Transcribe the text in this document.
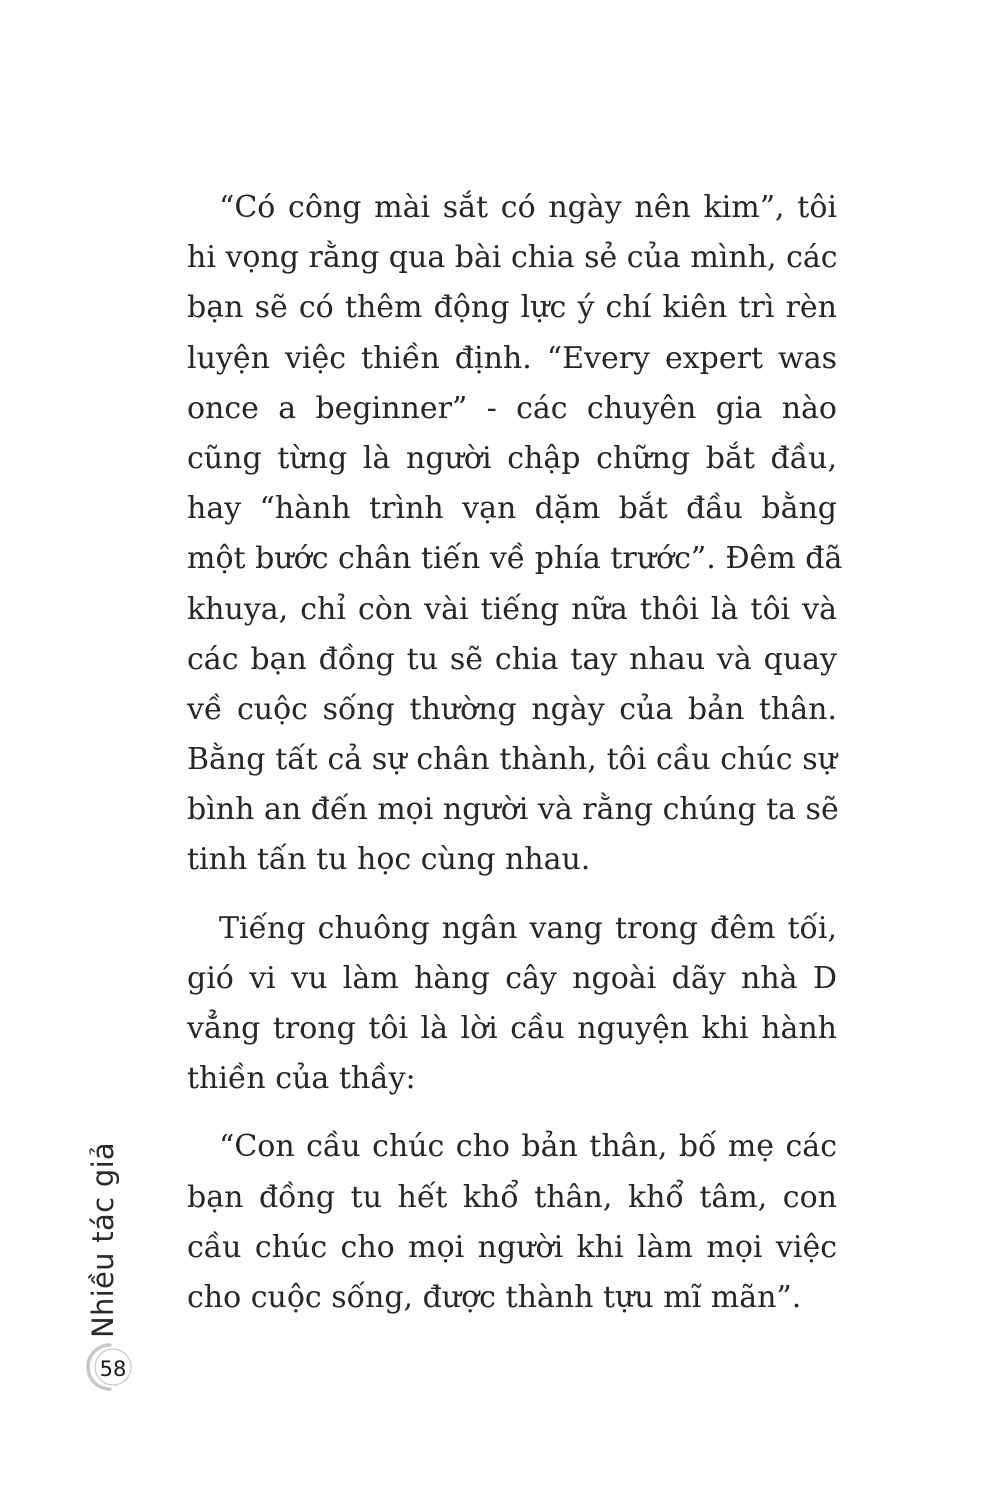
“Có công mài sắt có ngày nên kim”, tôi
hi vọng rằng qua bài chia sẻ của mình, các
bạn sẽ có thêm động lực ý chí kiên trì rèn
luyện việc thiền định. “Every expert was
once a beginner” - các chuyên gia nào
cũng từng là người chập chững bắt đầu,
hay “hành trình vạn dặm bắt đầu bằng
một bước chân tiến về phía trước”. Đêm đã
khuya, chỉ còn vài tiếng nữa thôi là tôi và
các bạn đồng tu sẽ chia tay nhau và quay
về cuộc sống thường ngày của bản thân.
Bằng tất cả sự chân thành, tôi cầu chúc sự
bình an đến mọi người và rằng chúng ta sẽ
tinh tấn tu học cùng nhau.
Tiếng chuông ngân vang trong đêm tối,
gió vi vu làm hàng cây ngoài dãy nhà D
vẳng trong tôi là lời cầu nguyện khi hành
thiền của thầy:
“Con cầu chúc cho bản thân, bố mẹ các
bạn đồng tu hết khổ thân, khổ tâm, con
cầu chúc cho mọi người khi làm mọi việc
cho cuộc sống, được thành tựu mĩ mãn”.
Nhiều tác giả
58
